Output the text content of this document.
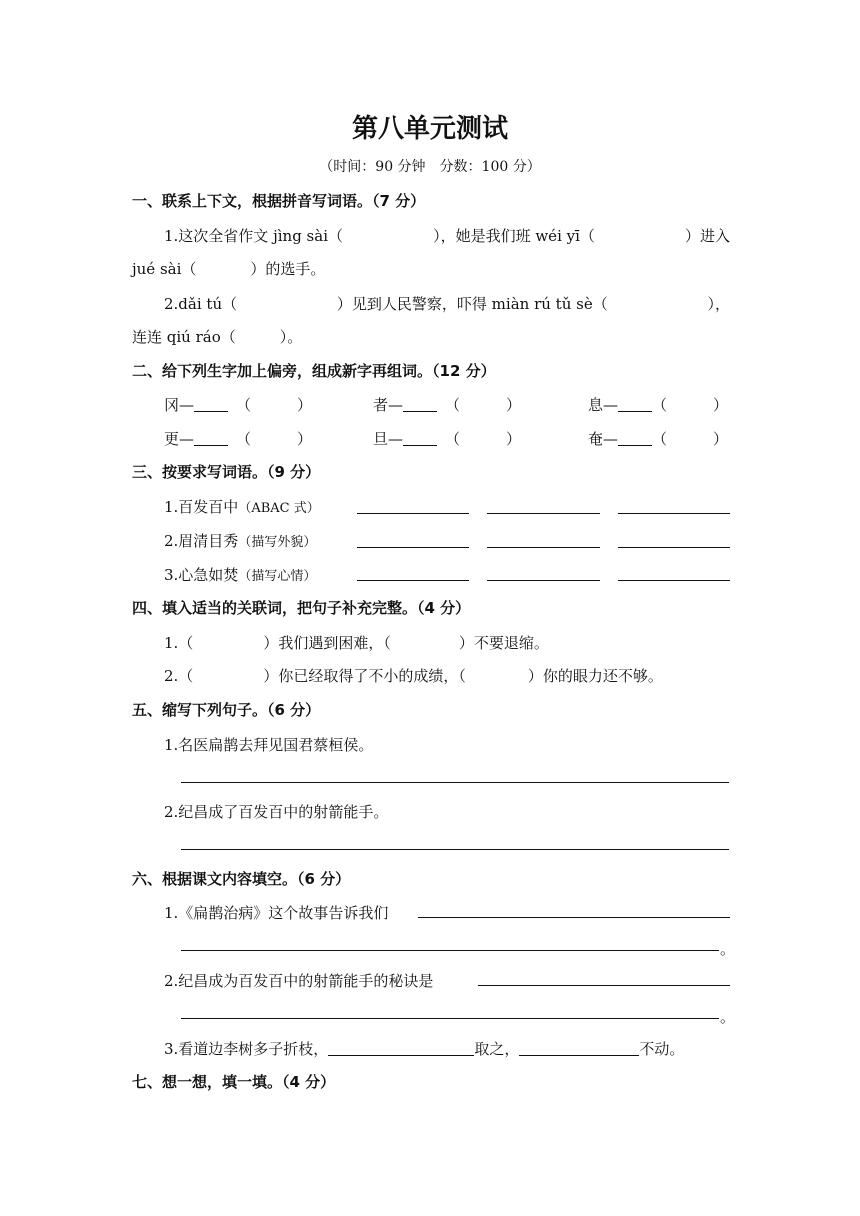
第八单元测试
（时间：90 分钟　分数：100 分）
一、联系上下文，根据拼音写词语。（7 分）
1.这次全省作文 jìng sài（	），她是我们班 wéi yī（	）进入
jué sài（	）的选手。
2.dǎi tú（	）见到人民警察，吓得 miàn rú tǔ sè（	），
连连 qiú ráo（	）。
二、给下列生字加上偏旁，组成新字再组词。（12 分）
冈—	（	）	者—	（	）	息— （	）
更—	（	）	旦—	（	）	奄— （	）
三、按要求写词语。（9 分）
1.百发百中（ABAC 式）
2.眉清目秀（描写外貌）
3.心急如焚（描写心情）
四、填入适当的关联词，把句子补充完整。（4 分）
1.（	）我们遇到困难，（	）不要退缩。
2.（	）你已经取得了不小的成绩，（	）你的眼力还不够。
五、缩写下列句子。（6 分）
1.名医扁鹊去拜见国君蔡桓侯。
2.纪昌成了百发百中的射箭能手。
六、根据课文内容填空。（6 分）
1.《扁鹊治病》这个故事告诉我们
。
2.纪昌成为百发百中的射箭能手的秘诀是
。
3.看道边李树多子折枝，	取之，	不动。
七、想一想，填一填。（4 分）
